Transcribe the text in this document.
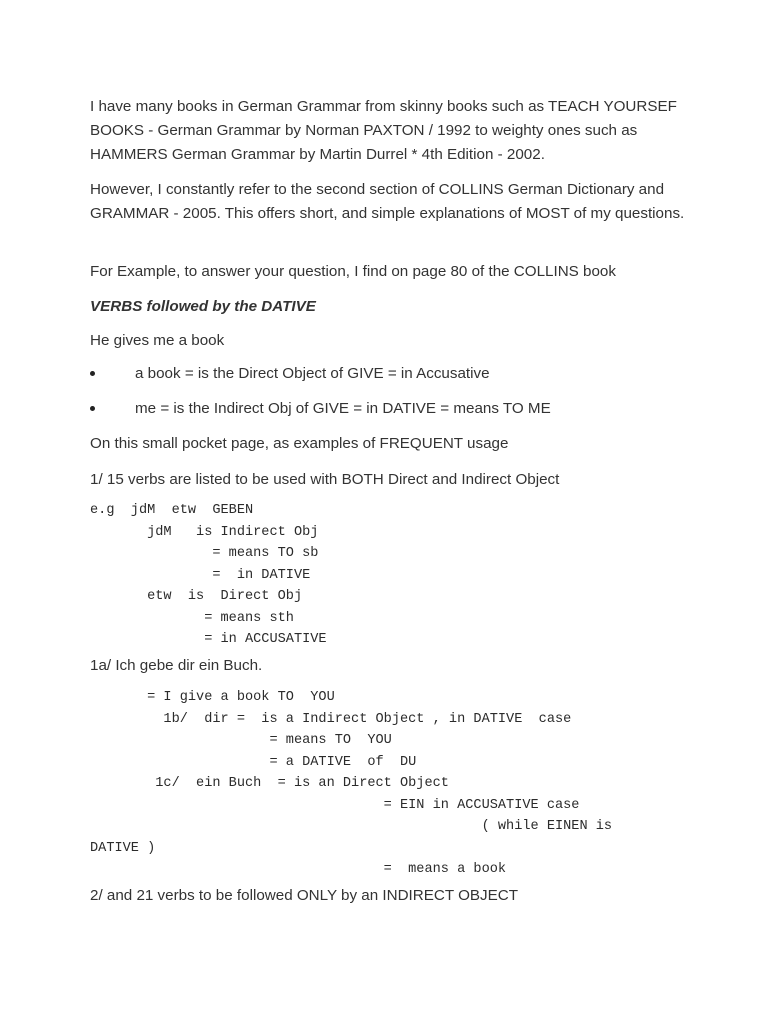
I have many books in German Grammar from skinny books such as TEACH YOURSEF BOOKS - German Grammar by Norman PAXTON / 1992 to weighty ones such as HAMMERS German Grammar by Martin Durrel * 4th Edition - 2002.

However, I constantly refer to the second section of COLLINS German Dictionary and GRAMMAR - 2005. This offers short, and simple explanations of MOST of my questions.

For Example, to answer your question, I find on page 80 of the COLLINS book

VERBS followed by the DATIVE

He gives me a book

a book = is the Direct Object of GIVE = in Accusative
me = is the Indirect Obj of GIVE = in DATIVE = means TO ME

On this small pocket page, as examples of FREQUENT usage

1/ 15 verbs are listed to be used with BOTH Direct and Indirect Object

e.g  jdM  etw  GEBEN
jdM   is Indirect Obj
= means TO sb
=  in DATIVE
etw  is  Direct Obj
= means sth
= in ACCUSATIVE

1a/ Ich gebe dir ein Buch.

= I give a book TO  YOU
1b/  dir =  is a Indirect Object , in DATIVE  case
= means TO  YOU
= a DATIVE  of  DU
1c/  ein Buch  = is an Direct Object
= EIN in ACCUSATIVE case
( while EINEN is
DATIVE )
=  means a book

2/ and 21 verbs to be followed ONLY by an INDIRECT OBJECT
